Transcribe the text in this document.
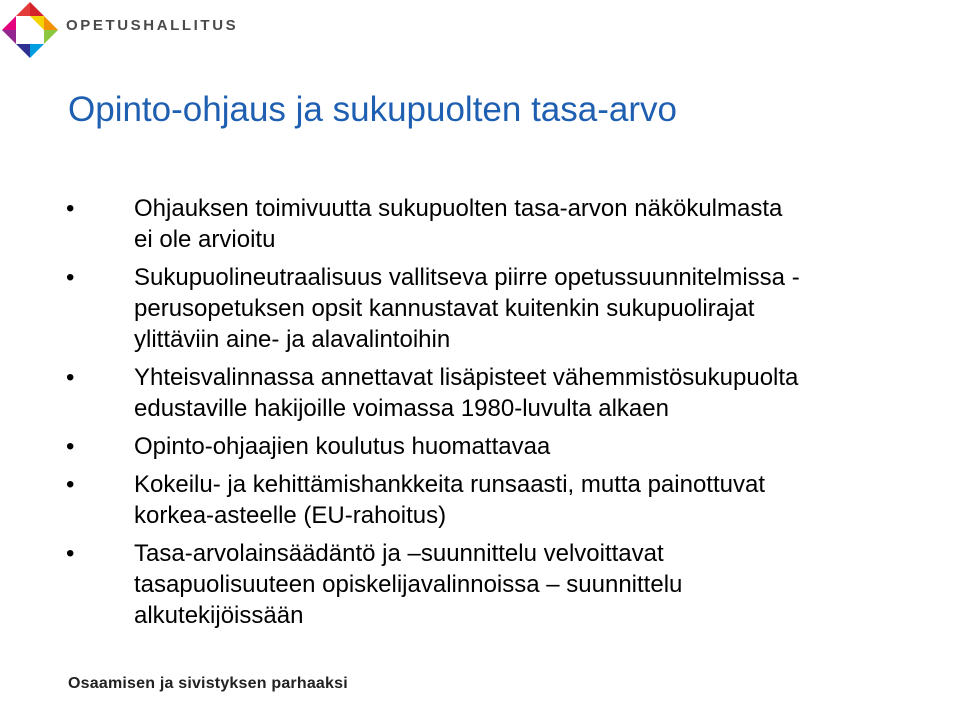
OPETUSHALLITUS
Opinto-ohjaus ja sukupuolten tasa-arvo
• Ohjauksen toimivuutta sukupuolten tasa-arvon näkökulmasta
ei ole arvioitu
• Sukupuolineutraalisuus vallitseva piirre opetussuunnitelmissa -
perusopetuksen opsit kannustavat kuitenkin sukupuolirajat
ylittäviin aine- ja alavalintoihin
• Yhteisvalinnassa annettavat lisäpisteet vähemmistösukupuolta
edustaville hakijoille voimassa 1980-luvulta alkaen
• Opinto-ohjaajien koulutus huomattavaa
• Kokeilu- ja kehittämishankkeita runsaasti, mutta painottuvat
korkea-asteelle (EU-rahoitus)
• Tasa-arvolainsäädäntö ja –suunnittelu velvoittavat
tasapuolisuuteen opiskelijavalinnoissa – suunnittelu
alkutekijöissään
Osaamisen ja sivistyksen parhaaksi
